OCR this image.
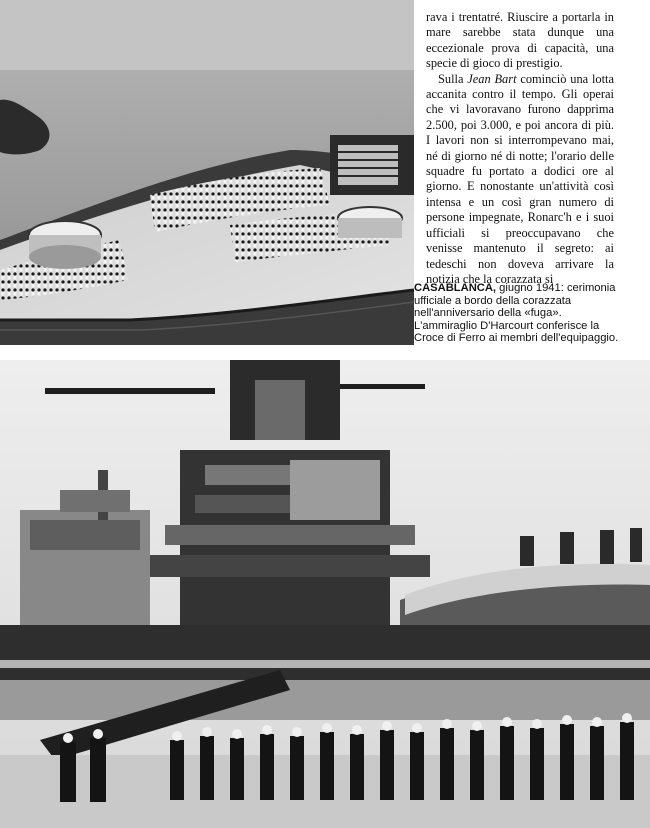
rava i trentatré. Riuscire a portarla in mare sarebbe stata dunque una eccezionale prova di capacità, una specie di gioco di prestigio.

Sulla Jean Bart cominciò una lotta accanita contro il tempo. Gli operai che vi lavoravano furono dapprima 2.500, poi 3.000, e poi ancora di più. I lavori non si interrompevano mai, né di giorno né di notte; l'orario delle squadre fu portato a dodici ore al giorno. E nonostante un'attività così intensa e un così gran numero di persone impegnate, Ronarc'h e i suoi ufficiali si preoccupavano che venisse mantenuto il segreto: ai tedeschi non doveva arrivare la notizia che la corazzata si

CASABLANCA, giugno 1941: cerimonia ufficiale a bordo della corazzata nell'anniversario della «fuga». L'ammiraglio D'Harcourt conferisce la Croce di Ferro ai membri dell'equipaggio.
